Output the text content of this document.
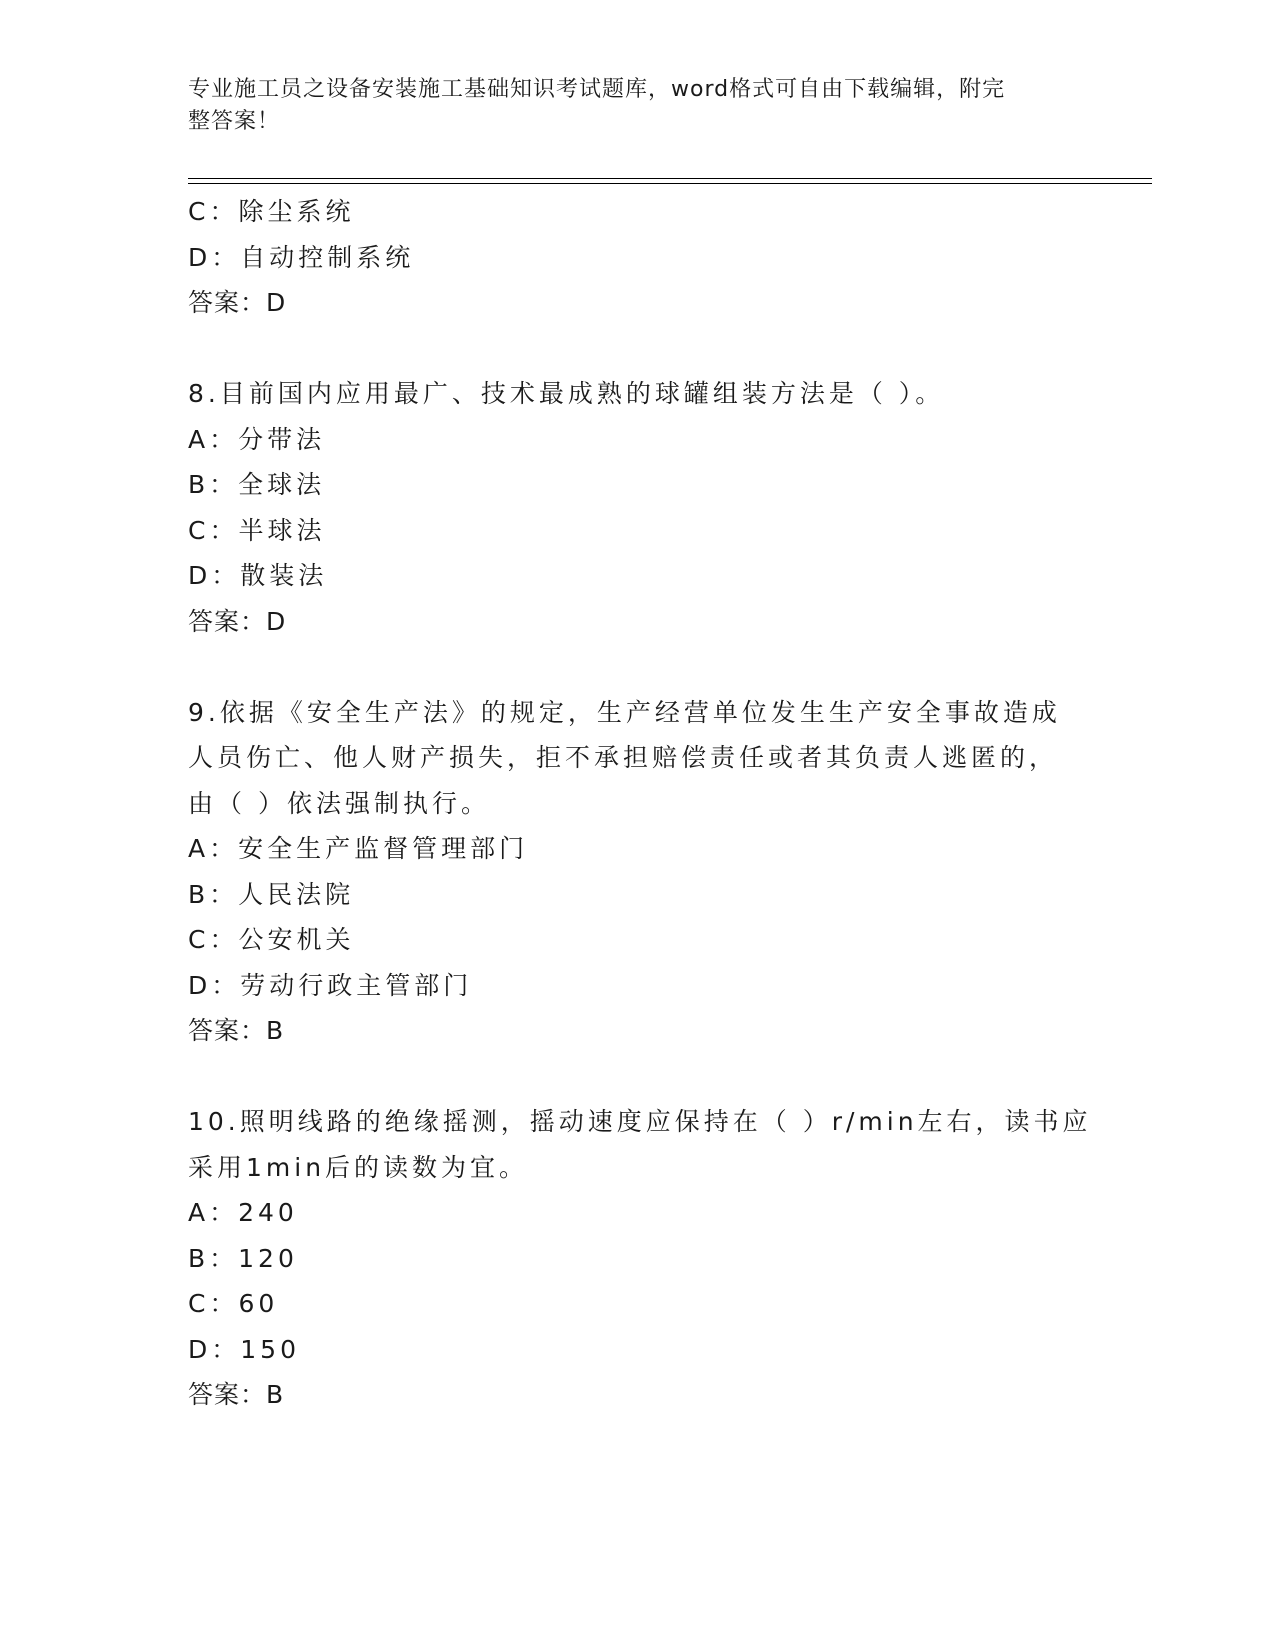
专业施工员之设备安装施工基础知识考试题库，word格式可自由下载编辑，附完
整答案！
C：除尘系统
D：自动控制系统
答案：D
8.目前国内应用最广、技术最成熟的球罐组装方法是（ ）。
A：分带法
B：全球法
C：半球法
D：散装法
答案：D
9.依据《安全生产法》的规定，生产经营单位发生生产安全事故造成
人员伤亡、他人财产损失，拒不承担赔偿责任或者其负责人逃匿的，
由（ ）依法强制执行。
A：安全生产监督管理部门
B：人民法院
C：公安机关
D：劳动行政主管部门
答案：B
10.照明线路的绝缘摇测，摇动速度应保持在（ ）r/min左右，读书应
采用1min后的读数为宜。
A：240
B：120
C：60
D：150
答案：B
